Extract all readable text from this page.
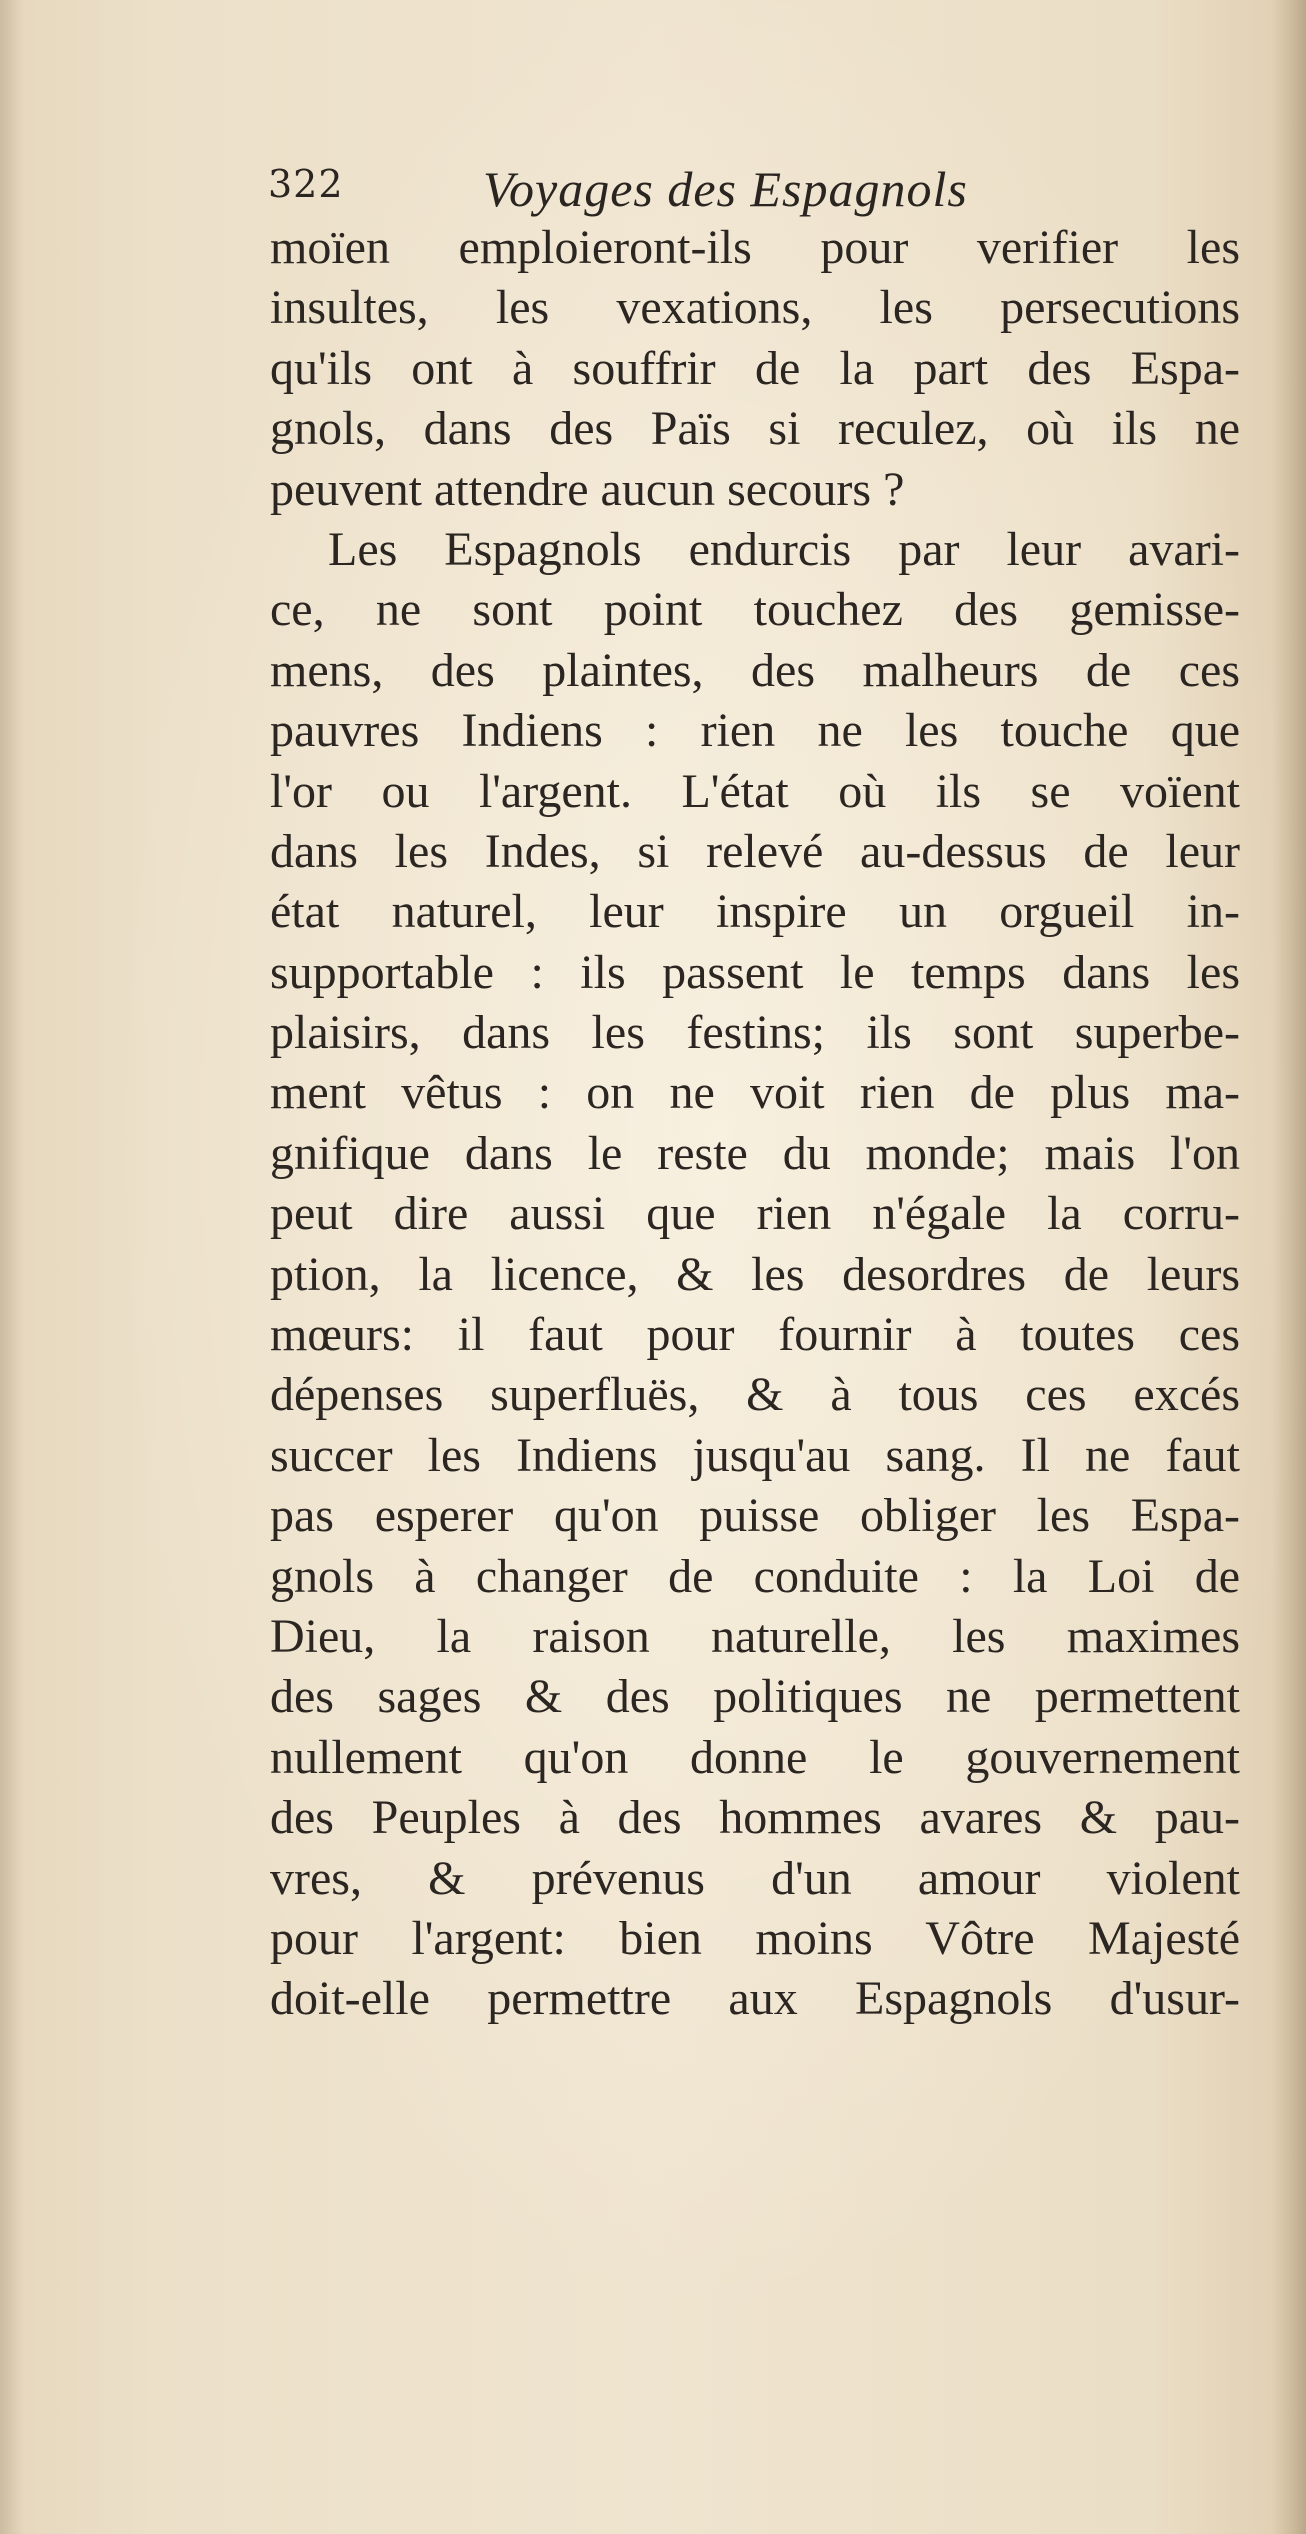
322	Voyages des Espagnols
moïen emploieront-ils pour verifier les
insultes, les vexations, les persecutions
qu'ils ont à souffrir de la part des Espa-
gnols, dans des Païs si reculez, où ils ne
peuvent attendre aucun secours ?
Les Espagnols endurcis par leur avari-
ce, ne sont point touchez des gemisse-
mens, des plaintes, des malheurs de ces
pauvres Indiens : rien ne les touche que
l'or ou l'argent. L'état où ils se voïent
dans les Indes, si relevé au-dessus de leur
état naturel, leur inspire un orgueil in-
supportable : ils passent le temps dans les
plaisirs, dans les festins; ils sont superbe-
ment vêtus : on ne voit rien de plus ma-
gnifique dans le reste du monde; mais l'on
peut dire aussi que rien n'égale la corru-
ption, la licence, & les desordres de leurs
mœurs: il faut pour fournir à toutes ces
dépenses superfluës, & à tous ces excés
succer les Indiens jusqu'au sang. Il ne faut
pas esperer qu'on puisse obliger les Espa-
gnols à changer de conduite : la Loi de
Dieu, la raison naturelle, les maximes
des sages & des politiques ne permettent
nullement qu'on donne le gouvernement
des Peuples à des hommes avares & pau-
vres, & prévenus d'un amour violent
pour l'argent: bien moins Vôtre Majesté
doit-elle permettre aux Espagnols d'usur-
